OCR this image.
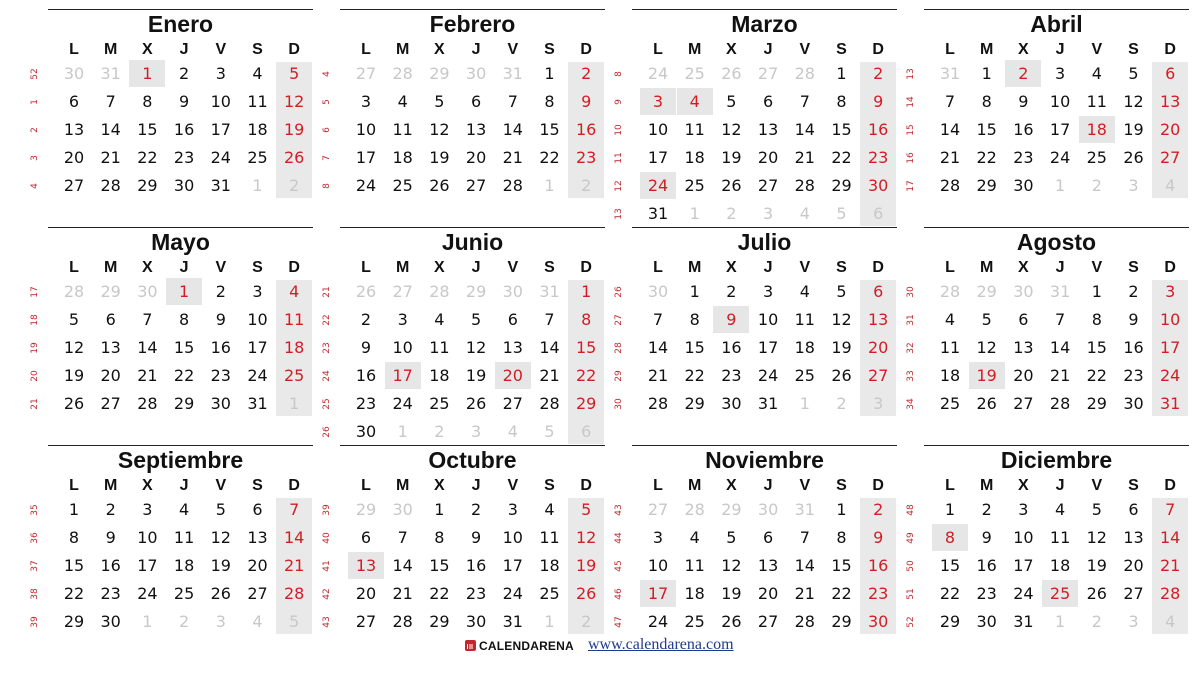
Enero
L	M	X	J	V	S	D
52	30	31	1	2	3	4	5
1	6	7	8	9	10	11	12
2	13	14	15	16	17	18	19
3	20	21	22	23	24	25	26
4	27	28	29	30	31	1	2
Febrero
L	M	X	J	V	S	D
4	27	28	29	30	31	1	2
5	3	4	5	6	7	8	9
6	10	11	12	13	14	15	16
7	17	18	19	20	21	22	23
8	24	25	26	27	28	1	2
Marzo
L	M	X	J	V	S	D
8	24	25	26	27	28	1	2
9	3	4	5	6	7	8	9
10	10	11	12	13	14	15	16
11	17	18	19	20	21	22	23
12	24	25	26	27	28	29	30
13	31	1	2	3	4	5	6
Abril
L	M	X	J	V	S	D
13	31	1	2	3	4	5	6
14	7	8	9	10	11	12	13
15	14	15	16	17	18	19	20
16	21	22	23	24	25	26	27
17	28	29	30	1	2	3	4
Mayo
L	M	X	J	V	S	D
17	28	29	30	1	2	3	4
18	5	6	7	8	9	10	11
19	12	13	14	15	16	17	18
20	19	20	21	22	23	24	25
21	26	27	28	29	30	31	1
Junio
L	M	X	J	V	S	D
21	26	27	28	29	30	31	1
22	2	3	4	5	6	7	8
23	9	10	11	12	13	14	15
24	16	17	18	19	20	21	22
25	23	24	25	26	27	28	29
26	30	1	2	3	4	5	6
Julio
L	M	X	J	V	S	D
26	30	1	2	3	4	5	6
27	7	8	9	10	11	12	13
28	14	15	16	17	18	19	20
29	21	22	23	24	25	26	27
30	28	29	30	31	1	2	3
Agosto
L	M	X	J	V	S	D
30	28	29	30	31	1	2	3
31	4	5	6	7	8	9	10
32	11	12	13	14	15	16	17
33	18	19	20	21	22	23	24
34	25	26	27	28	29	30	31
Septiembre
L	M	X	J	V	S	D
35	1	2	3	4	5	6	7
36	8	9	10	11	12	13	14
37	15	16	17	18	19	20	21
38	22	23	24	25	26	27	28
39	29	30	1	2	3	4	5
Octubre
L	M	X	J	V	S	D
39	29	30	1	2	3	4	5
40	6	7	8	9	10	11	12
41	13	14	15	16	17	18	19
42	20	21	22	23	24	25	26
43	27	28	29	30	31	1	2
Noviembre
L	M	X	J	V	S	D
43	27	28	29	30	31	1	2
44	3	4	5	6	7	8	9
45	10	11	12	13	14	15	16
46	17	18	19	20	21	22	23
47	24	25	26	27	28	29	30
Diciembre
L	M	X	J	V	S	D
48	1	2	3	4	5	6	7
49	8	9	10	11	12	13	14
50	15	16	17	18	19	20	21
51	22	23	24	25	26	27	28
52	29	30	31	1	2	3	4
CALENDARENA www.calendarena.com
